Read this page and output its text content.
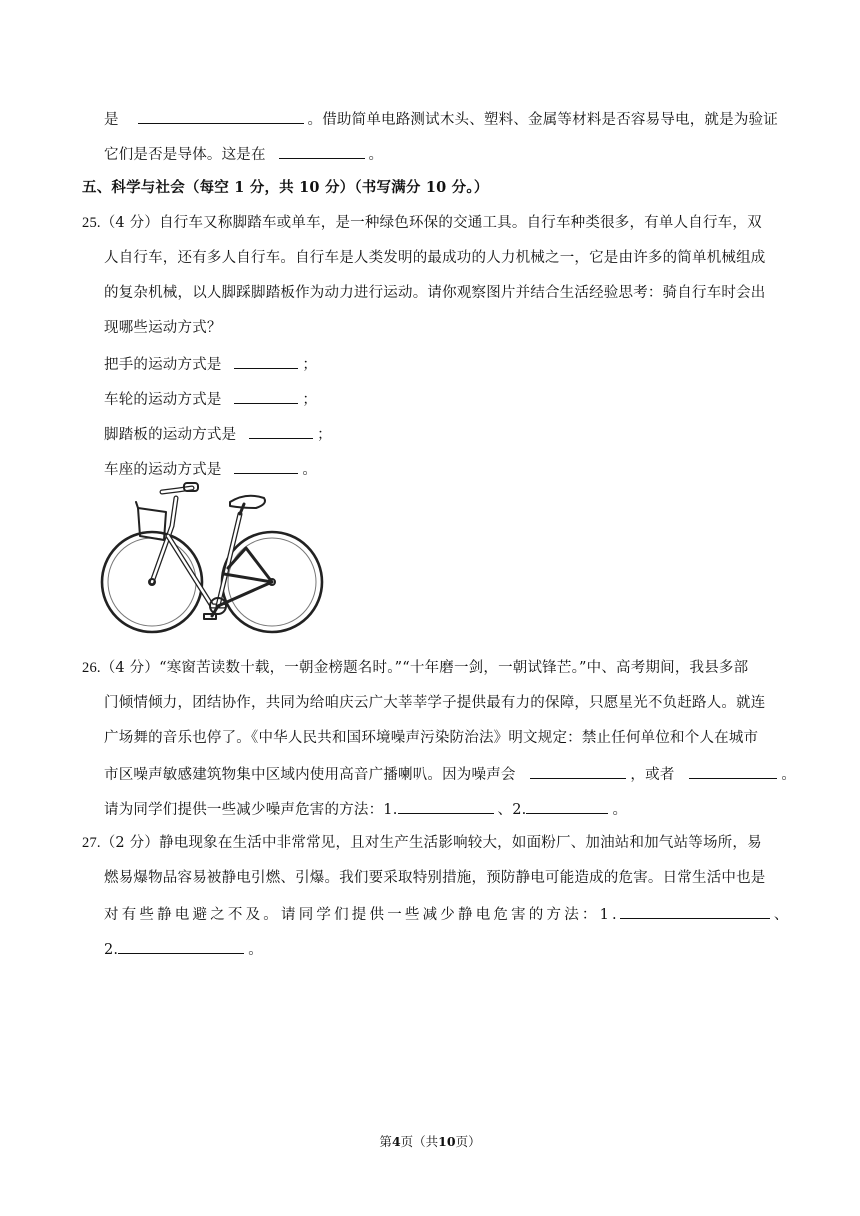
是	。借助简单电路测试木头、塑料、金属等材料是否容易导电，就是为验证
它们是否是导体。这是在	。
五、科学与社会（每空 1 分，共 10 分）（书写满分 10 分。）
25.（4 分）自行车又称脚踏车或单车，是一种绿色环保的交通工具。自行车种类很多，有单人自行车，双
人自行车，还有多人自行车。自行车是人类发明的最成功的人力机械之一，它是由许多的简单机械组成
的复杂机械，以人脚踩脚踏板作为动力进行运动。请你观察图片并结合生活经验思考：骑自行车时会出
现哪些运动方式？
把手的运动方式是	；
车轮的运动方式是	；
脚踏板的运动方式是	；
车座的运动方式是	。
26.（4 分）“寒窗苦读数十载，一朝金榜题名时。”“十年磨一剑，一朝试锋芒。”中、高考期间，我县多部
门倾情倾力，团结协作，共同为给咱庆云广大莘莘学子提供最有力的保障，只愿星光不负赶路人。就连
广场舞的音乐也停了。《中华人民共和国环境噪声污染防治法》明文规定：禁止任何单位和个人在城市
市区噪声敏感建筑物集中区域内使用高音广播喇叭。因为噪声会	，或者	。
请为同学们提供一些减少噪声危害的方法：1.	、2.	。
27.（2 分）静电现象在生活中非常常见，且对生产生活影响较大，如面粉厂、加油站和加气站等场所，易
燃易爆物品容易被静电引燃、引爆。我们要采取特别措施，预防静电可能造成的危害。日常生活中也是
对有些静电避之不及。请同学们提供一些减少静电危害的方法：1.	、
2.	。
第4页（共10页）
